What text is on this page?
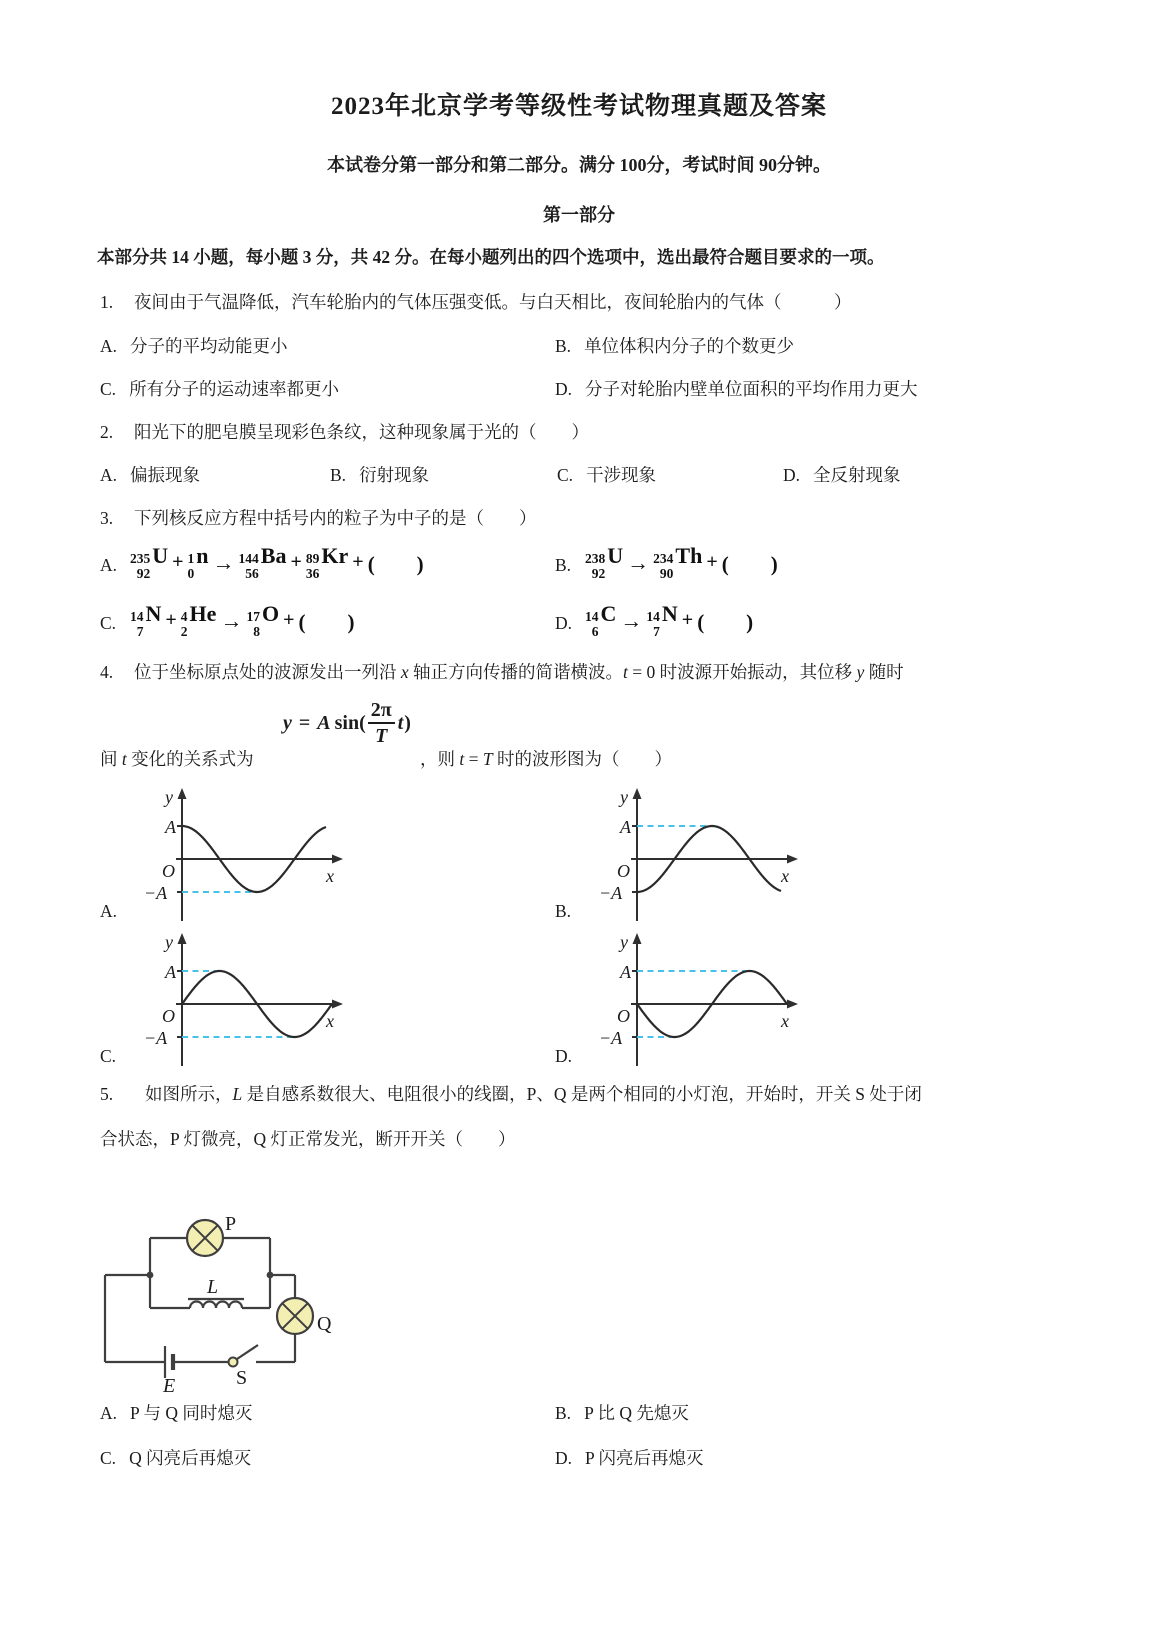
2023年北京学考等级性考试物理真题及答案
本试卷分第一部分和第二部分。满分 100分，考试时间 90分钟。
第一部分
本部分共 14 小题，每小题 3 分，共 42 分。在每小题列出的四个选项中，选出最符合题目要求的一项。
1. 夜间由于气温降低，汽车轮胎内的气体压强变低。与白天相比，夜间轮胎内的气体（　　　）
A. 分子的平均动能更小	B. 单位体积内分子的个数更少
C. 所有分子的运动速率都更小	D. 分子对轮胎内壁单位面积的平均作用力更大
2. 阳光下的肥皂膜呈现彩色条纹，这种现象属于光的（　　）
A. 偏振现象	B. 衍射现象	C. 干涉现象	D. 全反射现象
3. 下列核反应方程中括号内的粒子为中子的是（　　）
A. 235
92
U + 1
0
n → 144
56
Ba + 89
36
Kr + (　　)	B.	238
92
U → 234
90
Th + (　　)
C.	14
7
N + 4
2
He → 17
8
O + (　　)	D. 14
6
C → 14
7
N + (　　)
4. 位于坐标原点处的波源发出一列沿 x 轴正方向传播的简谐横波。t = 0 时波源开始振动，其位移 y 随时
间 t 变化的关系式为
y = A $\sin( \frac{2\pi}{T}$ t )
，则 t = T 时的波形图为（　　）
y
A
O
−A
x
A.
y
A
O
−A
x
B.
y
A
O
−A
x
C.
y
A
O
−A
x
D.
5. 如图所示，L 是自感系数很大、电阻很小的线圈，P、Q 是两个相同的小灯泡，开始时，开关 S 处于闭
合状态，P 灯微亮，Q 灯正常发光，断开开关（　　）
P
Q
L
E	S
A. P 与 Q 同时熄灭	B. P 比 Q 先熄灭
C. Q 闪亮后再熄灭	D. P 闪亮后再熄灭
